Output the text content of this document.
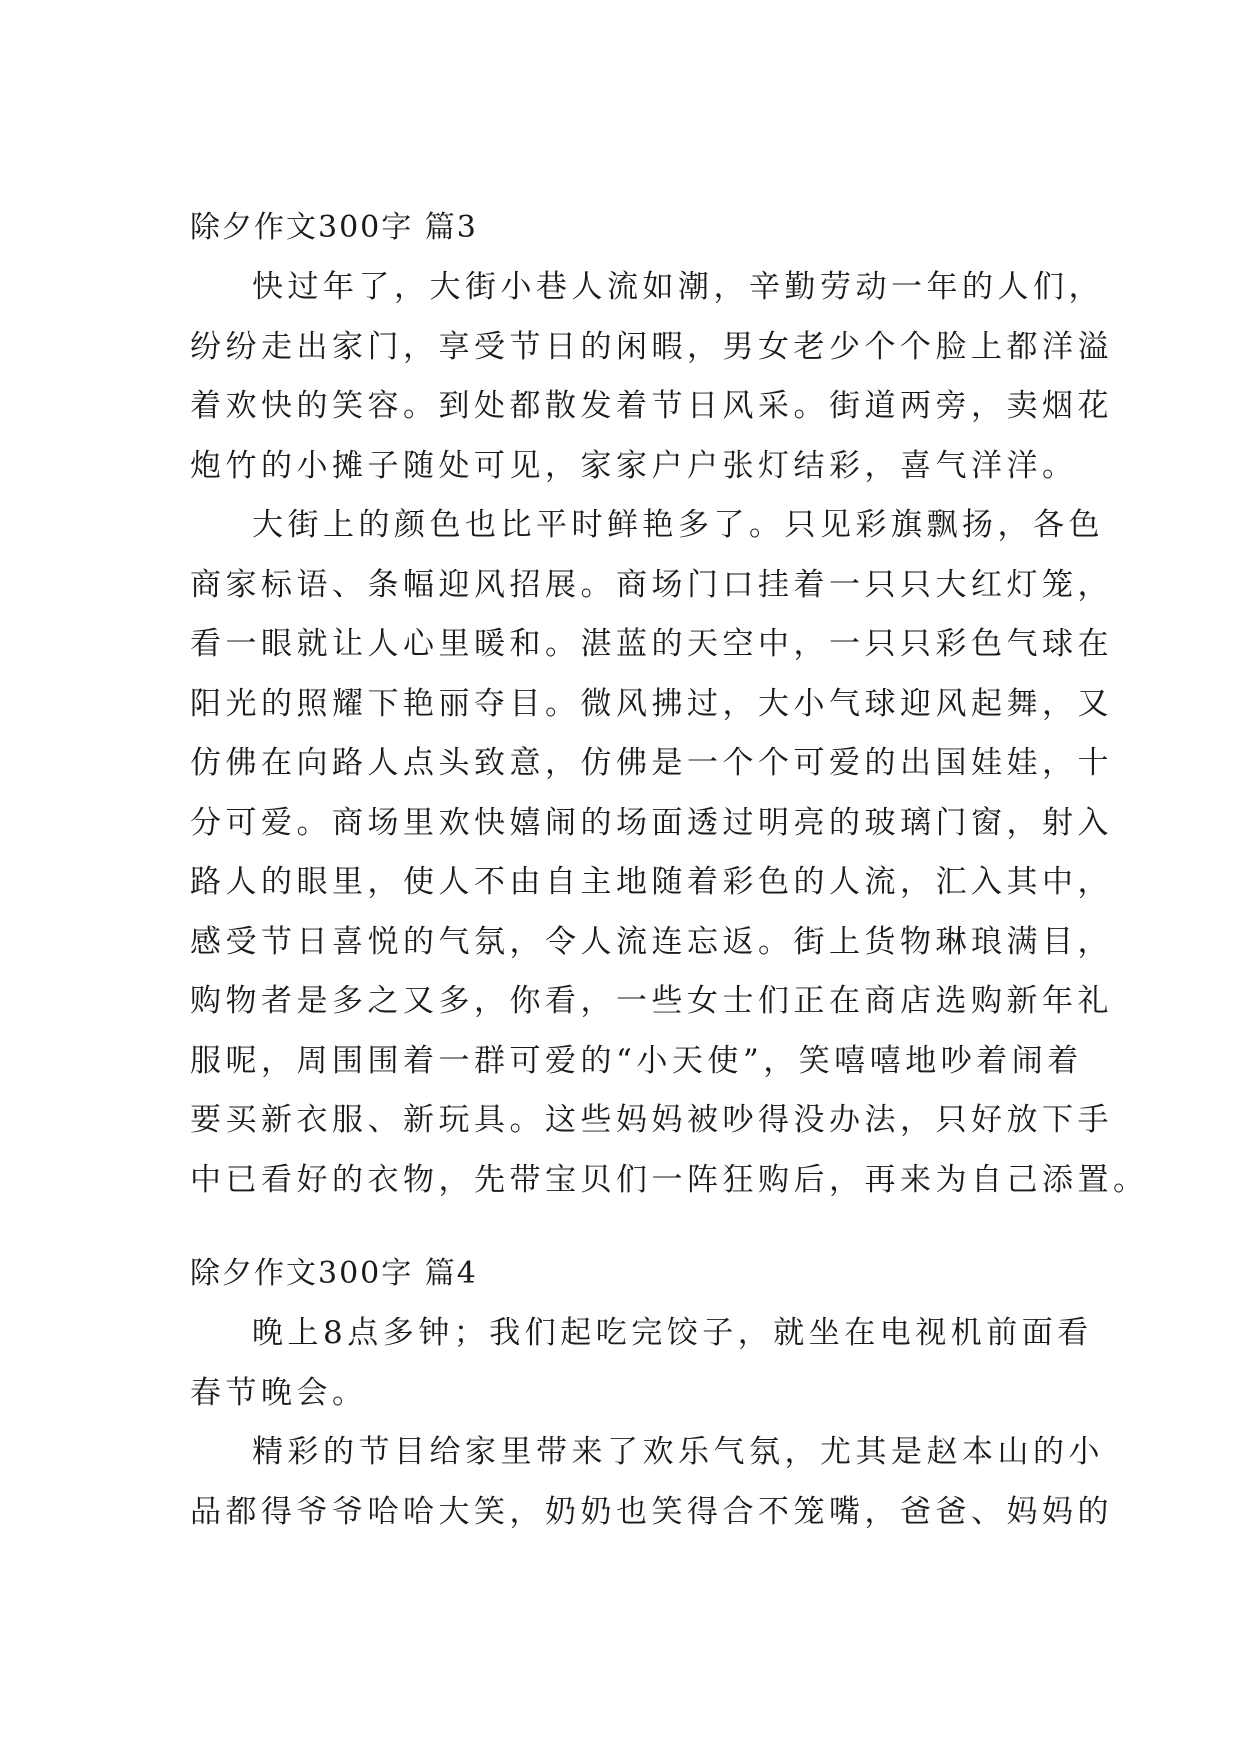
除夕作文300字 篇3

快过年了，大街小巷人流如潮，辛勤劳动一年的人们，
纷纷走出家门，享受节日的闲暇，男女老少个个脸上都洋溢
着欢快的笑容。到处都散发着节日风采。街道两旁，卖烟花
炮竹的小摊子随处可见，家家户户张灯结彩，喜气洋洋。

大街上的颜色也比平时鲜艳多了。只见彩旗飘扬，各色
商家标语、条幅迎风招展。商场门口挂着一只只大红灯笼，
看一眼就让人心里暖和。湛蓝的天空中，一只只彩色气球在
阳光的照耀下艳丽夺目。微风拂过，大小气球迎风起舞，又
仿佛在向路人点头致意，仿佛是一个个可爱的出国娃娃，十
分可爱。商场里欢快嬉闹的场面透过明亮的玻璃门窗，射入
路人的眼里，使人不由自主地随着彩色的人流，汇入其中，
感受节日喜悦的气氛，令人流连忘返。街上货物琳琅满目，
购物者是多之又多，你看，一些女士们正在商店选购新年礼
服呢，周围围着一群可爱的“小天使”，笑嘻嘻地吵着闹着
要买新衣服、新玩具。这些妈妈被吵得没办法，只好放下手
中已看好的衣物，先带宝贝们一阵狂购后，再来为自己添置。

除夕作文300字 篇4

晚上8点多钟；我们起吃完饺子，就坐在电视机前面看
春节晚会。

精彩的节目给家里带来了欢乐气氛，尤其是赵本山的小
品都得爷爷哈哈大笑，奶奶也笑得合不笼嘴，爸爸、妈妈的
